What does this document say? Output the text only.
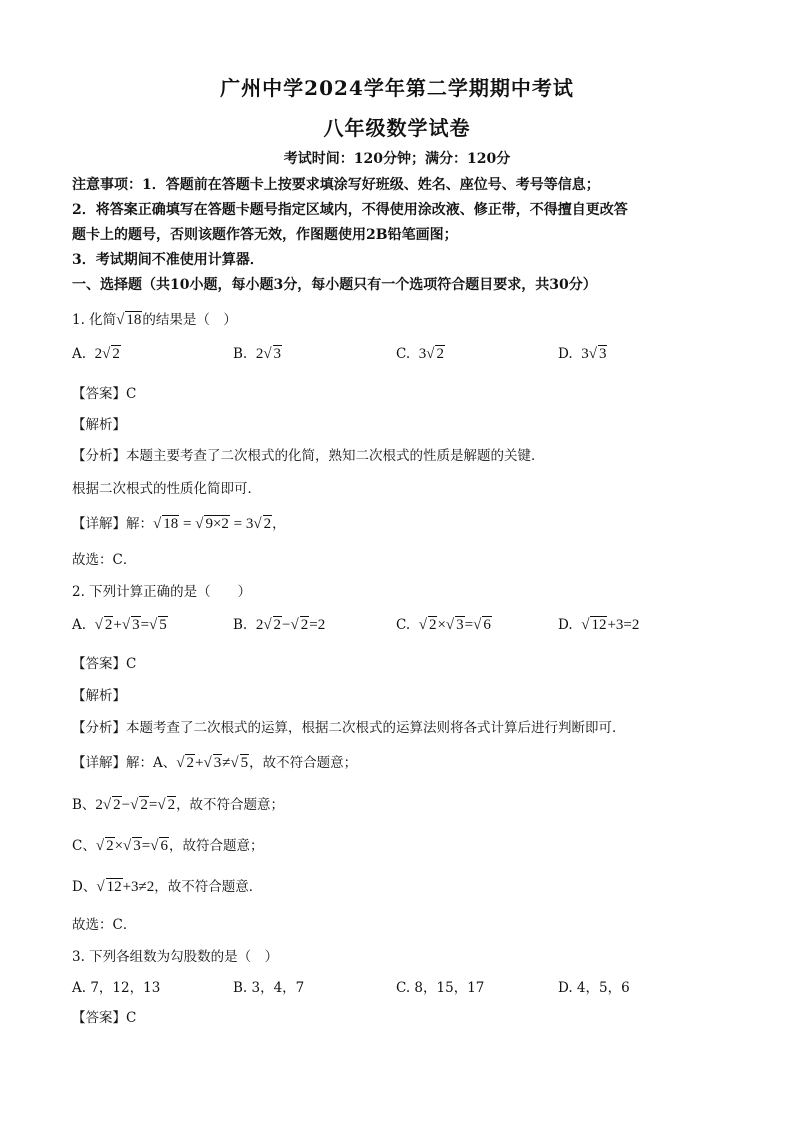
广州中学2024学年第二学期期中考试
八年级数学试卷
考试时间：120分钟；满分：120分
注意事项：1．答题前在答题卡上按要求填涂写好班级、姓名、座位号、考号等信息；
2．将答案正确填写在答题卡题号指定区域内，不得使用涂改液、修正带，不得擅自更改答
题卡上的题号，否则该题作答无效，作图题使用2B铅笔画图；
3．考试期间不准使用计算器．
一、选择题（共10小题，每小题3分，每小题只有一个选项符合题目要求，共30分）
1. 化简√ 18的结果是（　）
A. 2√ 2	B. 2√ 3	C. 3√ 2	D. 3√ 3
【答案】C
【解析】
【分析】本题主要考查了二次根式的化简，熟知二次根式的性质是解题的关键．
根据二次根式的性质化简即可．
【详解】解：√ 18 = √ 9×2 = 3√ 2，
故选：C．
2. 下列计算正确的是（　　）
A. √ 2+√ 3=√ 5	B. 2√ 2−√ 2=2	C. √ 2×√ 3=√ 6	D. √ 12+3=2
【答案】C
【解析】
【分析】本题考查了二次根式的运算，根据二次根式的运算法则将各式计算后进行判断即可．
【详解】解：A、√ 2+√ 3≠√ 5，故不符合题意；
B、2√ 2−√ 2=√ 2，故不符合题意；
C、√ 2×√ 3=√ 6，故符合题意；
D、√ 12+3≠2，故不符合题意．
故选：C．
3. 下列各组数为勾股数的是（　）
A. 7，12，13	B. 3，4，7	C. 8，15，17	D. 4，5，6
【答案】C
